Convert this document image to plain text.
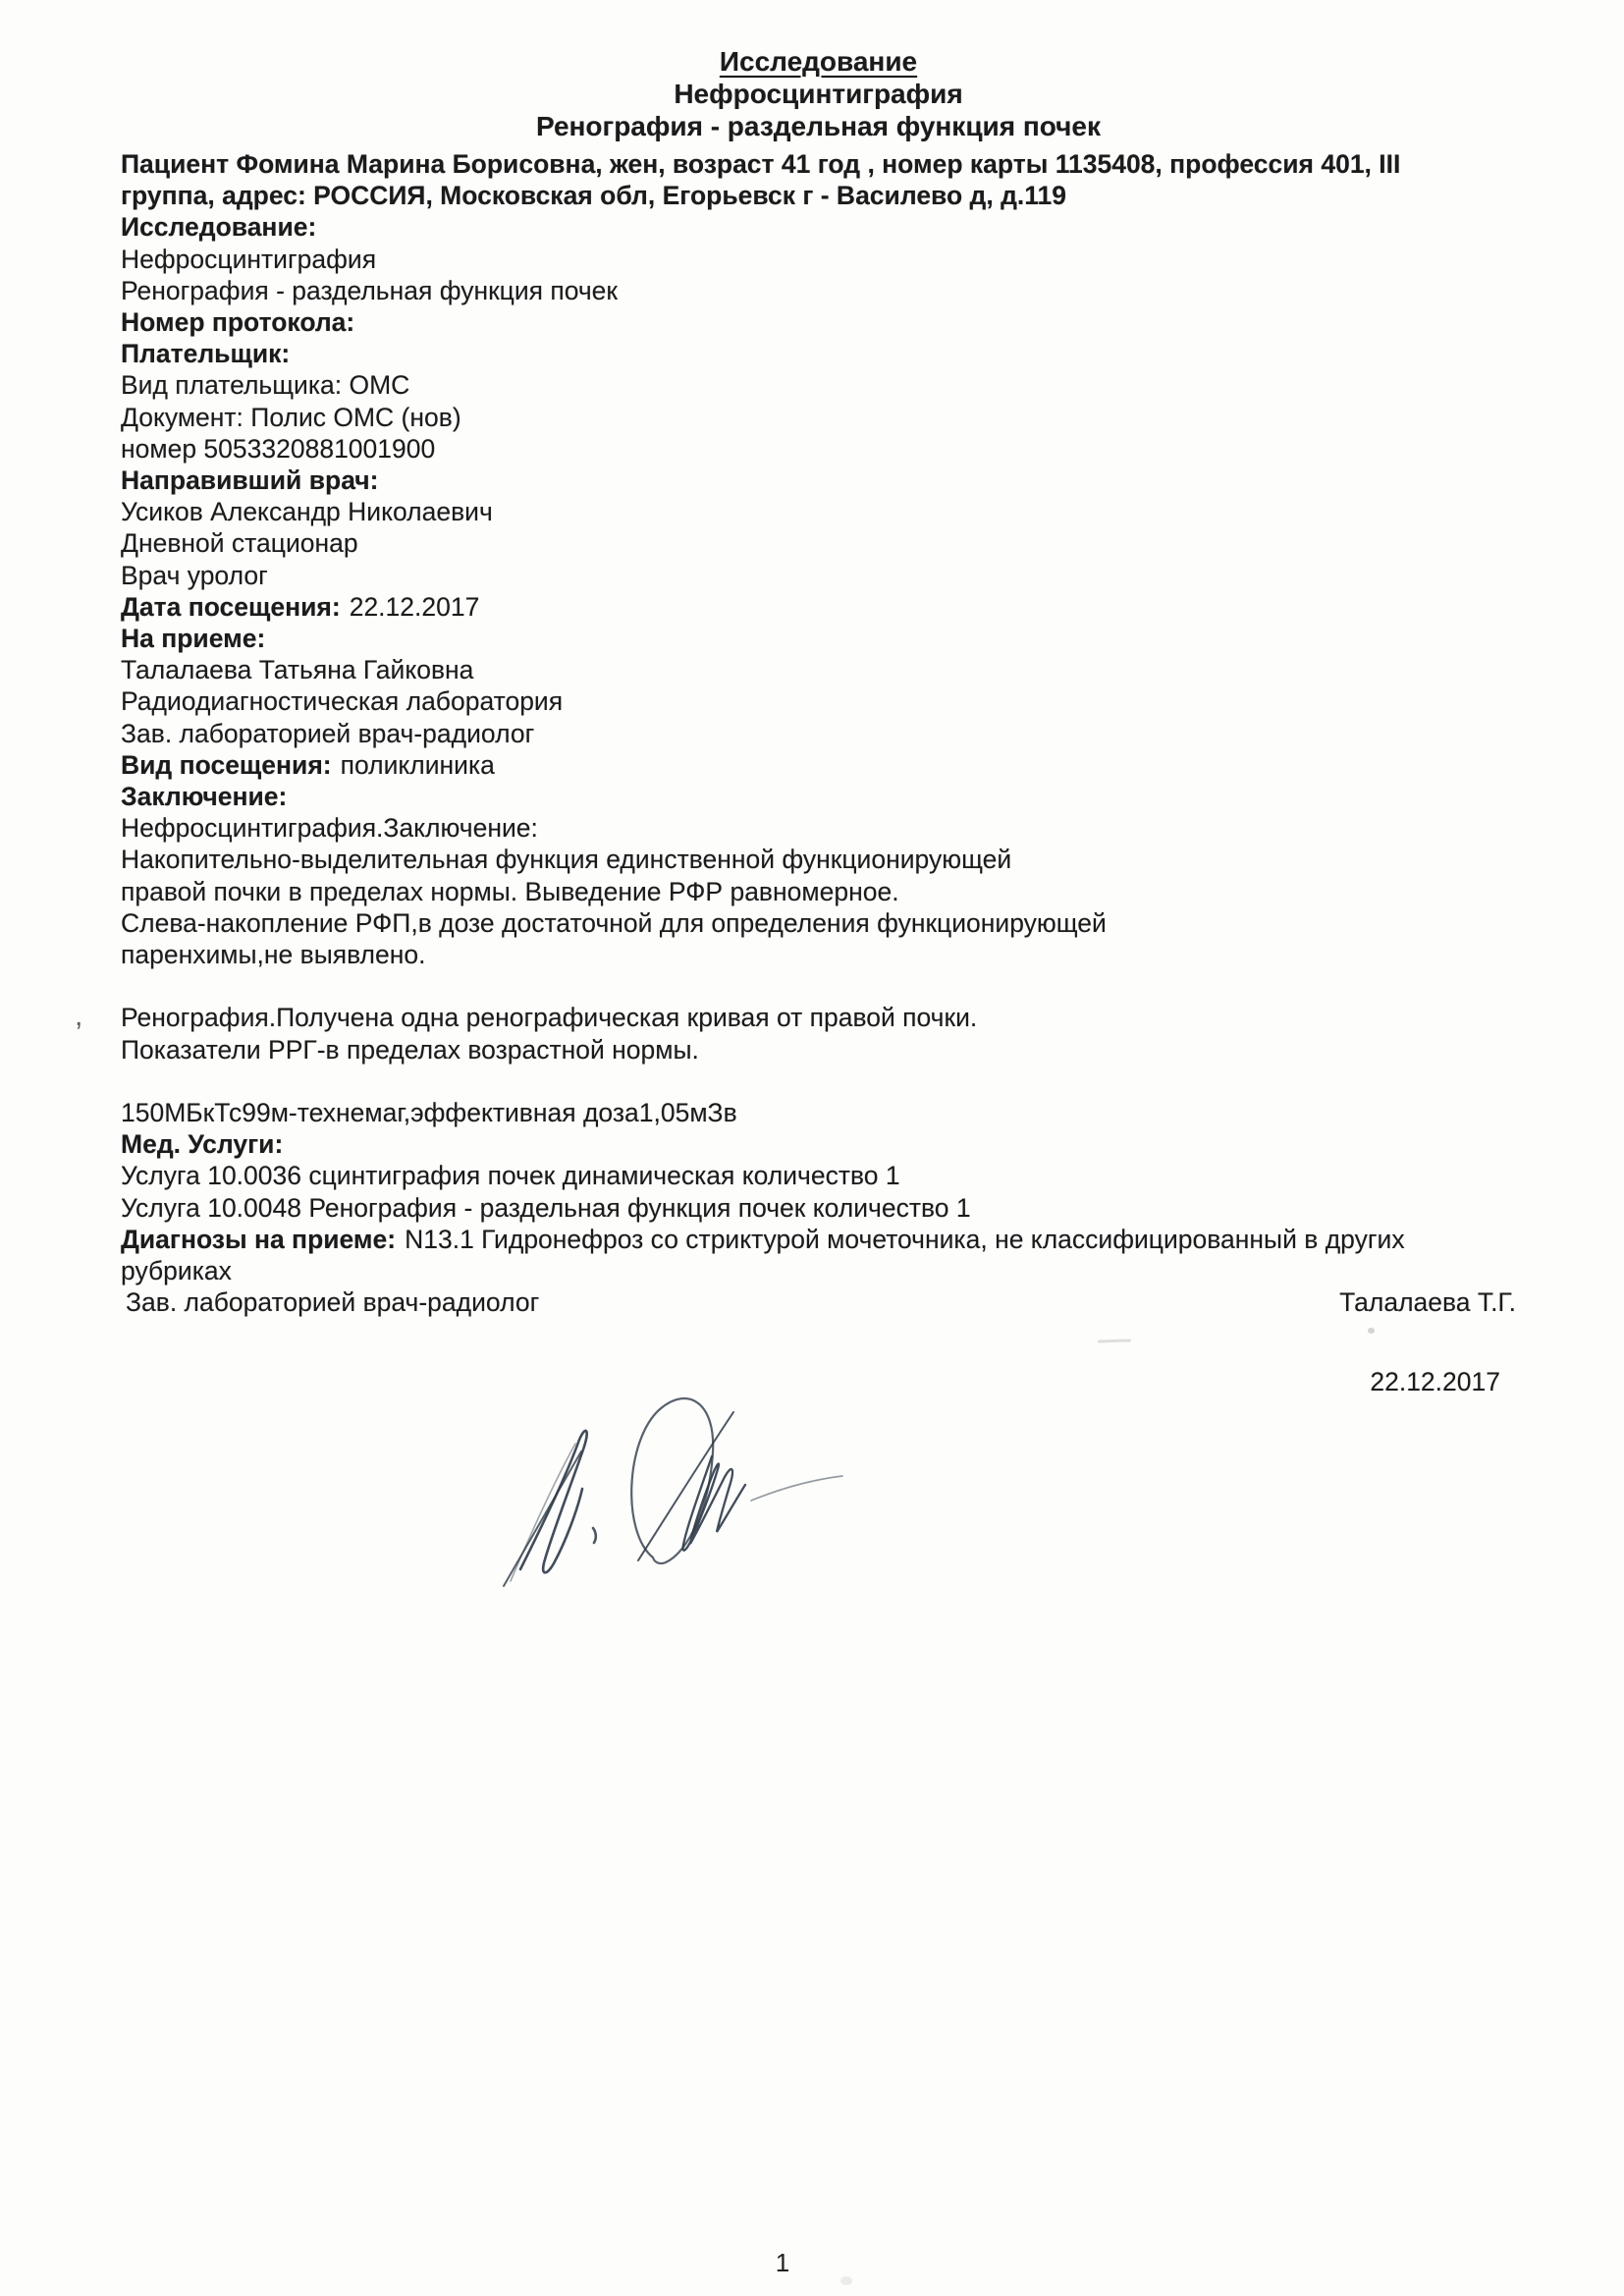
Исследование
Нефросцинтиграфия
Ренография - раздельная функция почек
Пациент Фомина Марина Борисовна, жен, возраст 41 год , номер карты 1135408, профессия 401, III
группа, адрес: РОССИЯ, Московская обл, Егорьевск г - Василево д, д.119
Исследование:
Нефросцинтиграфия
Ренография - раздельная функция почек
Номер протокола:
Плательщик:
Вид плательщика: ОМС
Документ: Полис ОМС (нов)
номер 5053320881001900
Направивший врач:
Усиков Александр Николаевич
Дневной стационар
Врач уролог
Дата посещения: 22.12.2017
На приеме:
Талалаева Татьяна Гайковна
Радиодиагностическая лаборатория
Зав. лабораторией врач-радиолог
Вид посещения: поликлиника
Заключение:
Нефросцинтиграфия.Заключение:
Накопительно-выделительная функция единственной функционирующей
правой почки в пределах нормы. Выведение РФР равномерное.
Слева-накопление РФП,в дозе достаточной для определения функционирующей
паренхимы,не выявлено.
Ренография.Получена одна ренографическая кривая от правой почки.
Показатели РРГ-в пределах возрастной нормы.
150МБкТс99м-технемаг,эффективная доза1,05мЗв
Мед. Услуги:
Услуга 10.0036 сцинтиграфия почек динамическая количество 1
Услуга 10.0048 Ренография - раздельная функция почек количество 1
Диагнозы на приеме: N13.1 Гидронефроз со стриктурой мочеточника, не классифицированный в других
рубриках
Зав. лабораторией врач-радиолог	Талалаева Т.Г.
22.12.2017
,
1
